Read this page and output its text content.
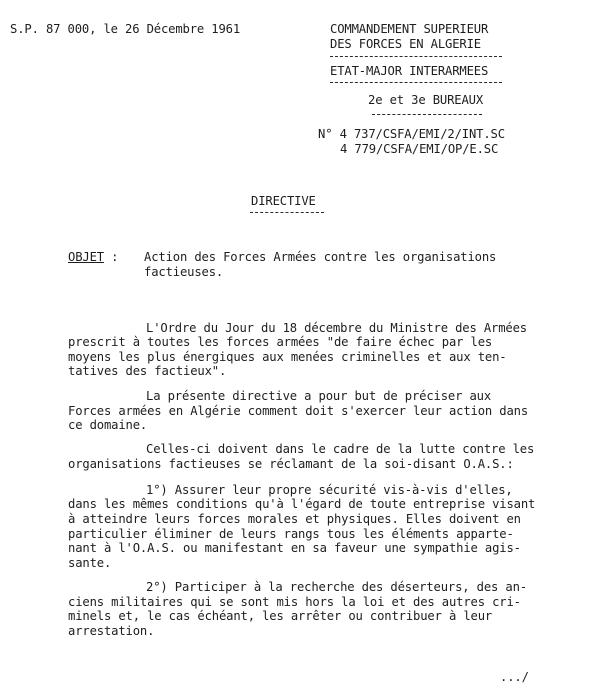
S.P. 87 000, le 26 Décembre 1961	COMMANDEMENT SUPERIEUR
DES FORCES EN ALGERIE
ETAT-MAJOR INTERARMEES
2e et 3e BUREAUX
N° 4 737/CSFA/EMI/2/INT.SC
4 779/CSFA/EMI/OP/E.SC
DIRECTIVE
OBJET : Action des Forces Armées contre les organisations
factieuses.
L'Ordre du Jour du 18 décembre du Ministre des Armées
prescrit à toutes les forces armées "de faire échec par les
moyens les plus énergiques aux menées criminelles et aux ten-
tatives des factieux".
La présente directive a pour but de préciser aux
Forces armées en Algérie comment doit s'exercer leur action dans
ce domaine.
Celles-ci doivent dans le cadre de la lutte contre les
organisations factieuses se réclamant de la soi-disant O.A.S.:
1°) Assurer leur propre sécurité vis-à-vis d'elles,
dans les mêmes conditions qu'à l'égard de toute entreprise visant
à atteindre leurs forces morales et physiques. Elles doivent en
particulier éliminer de leurs rangs tous les éléments apparte-
nant à l'O.A.S. ou manifestant en sa faveur une sympathie agis-
sante.
2°) Participer à la recherche des déserteurs, des an-
ciens militaires qui se sont mis hors la loi et des autres cri-
minels et, le cas échéant, les arrêter ou contribuer à leur
arrestation.
.../
